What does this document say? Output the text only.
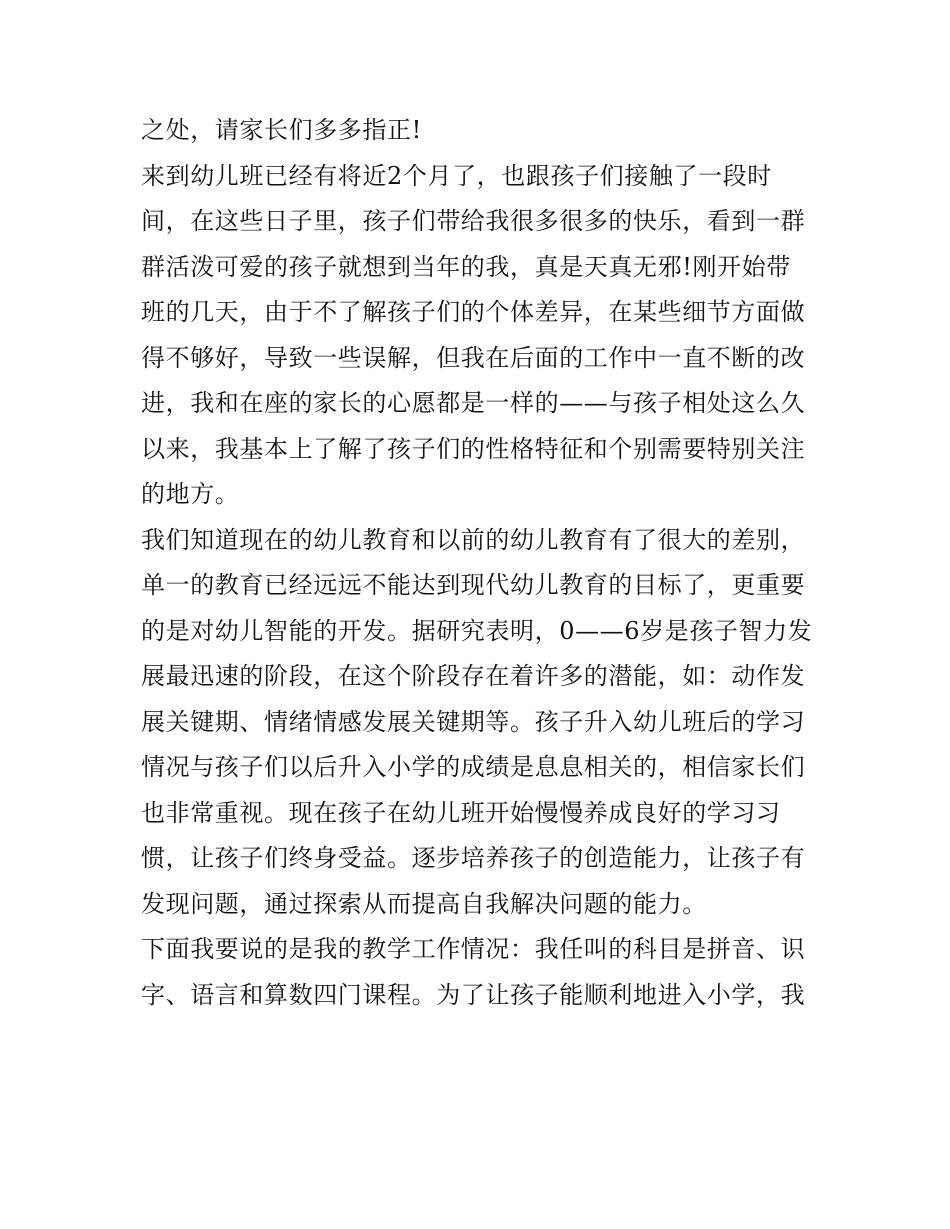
之处，请家长们多多指正!

来到幼儿班已经有将近2个月了，也跟孩子们接触了一段时间，在这些日子里，孩子们带给我很多很多的快乐，看到一群群活泼可爱的孩子就想到当年的我，真是天真无邪!刚开始带班的几天，由于不了解孩子们的个体差异，在某些细节方面做得不够好，导致一些误解，但我在后面的工作中一直不断的改进，我和在座的家长的心愿都是一样的——与孩子相处这么久以来，我基本上了解了孩子们的性格特征和个别需要特别关注的地方。

我们知道现在的幼儿教育和以前的幼儿教育有了很大的差别，单一的教育已经远远不能达到现代幼儿教育的目标了，更重要的是对幼儿智能的开发。据研究表明，0——6岁是孩子智力发展最迅速的阶段，在这个阶段存在着许多的潜能，如：动作发展关键期、情绪情感发展关键期等。孩子升入幼儿班后的学习情况与孩子们以后升入小学的成绩是息息相关的，相信家长们也非常重视。现在孩子在幼儿班开始慢慢养成良好的学习习惯，让孩子们终身受益。逐步培养孩子的创造能力，让孩子有发现问题，通过探索从而提高自我解决问题的能力。

下面我要说的是我的教学工作情况：我任叫的科目是拼音、识字、语言和算数四门课程。为了让孩子能顺利地进入小学，我
